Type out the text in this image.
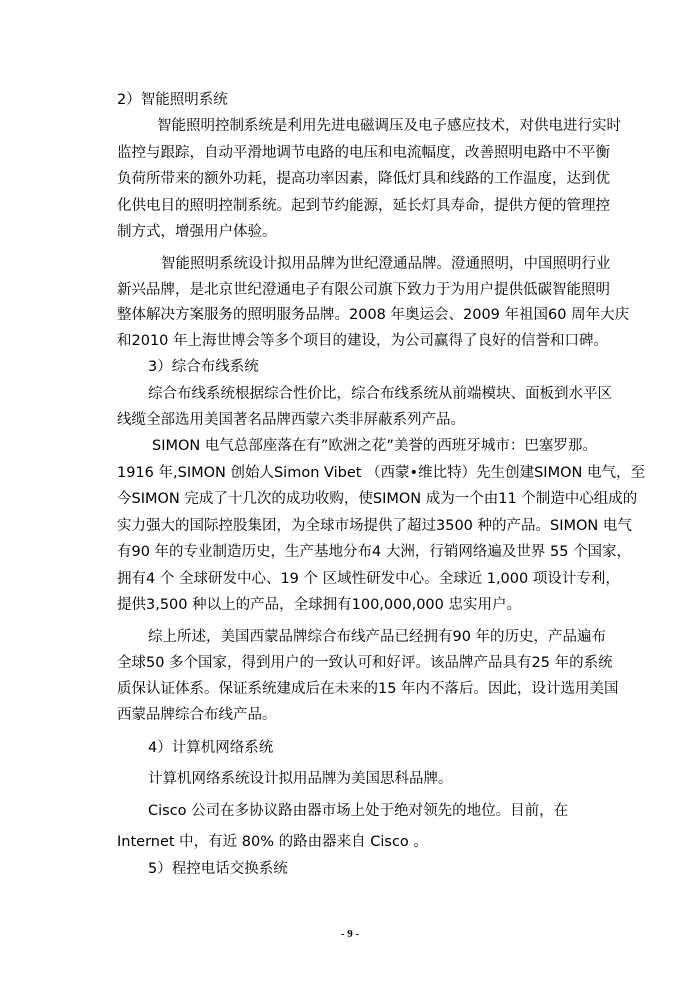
2）智能照明系统
智能照明控制系统是利用先进电磁调压及电子感应技术，对供电进行实时
监控与跟踪，自动平滑地调节电路的电压和电流幅度，改善照明电路中不平衡
负荷所带来的额外功耗，提高功率因素，降低灯具和线路的工作温度，达到优
化供电目的照明控制系统。起到节约能源，延长灯具寿命，提供方便的管理控
制方式，增强用户体验。
智能照明系统设计拟用品牌为世纪澄通品牌。澄通照明，中国照明行业
新兴品牌，是北京世纪澄通电子有限公司旗下致力于为用户提供低碳智能照明
整体解决方案服务的照明服务品牌。2008 年奥运会、2009 年祖国60 周年大庆
和2010 年上海世博会等多个项目的建设，为公司赢得了良好的信誉和口碑。
3）综合布线系统
综合布线系统根据综合性价比，综合布线系统从前端模块、面板到水平区
线缆全部选用美国著名品牌西蒙六类非屏蔽系列产品。
SIMON 电气总部座落在有”欧洲之花”美誉的西班牙城市：巴塞罗那。
1916 年,SIMON 创始人Simon Vibet （西蒙•维比特）先生创建SIMON 电气，至
今SIMON 完成了十几次的成功收购，使SIMON 成为一个由11 个制造中心组成的
实力强大的国际控股集团，为全球市场提供了超过3500 种的产品。SIMON 电气
有90 年的专业制造历史，生产基地分布4 大洲，行销网络遍及世界 55 个国家，
拥有4 个 全球研发中心、19 个 区域性研发中心。全球近 1,000 项设计专利，
提供3,500 种以上的产品，全球拥有100,000,000 忠实用户。
综上所述，美国西蒙品牌综合布线产品已经拥有90 年的历史，产品遍布
全球50 多个国家，得到用户的一致认可和好评。该品牌产品具有25 年的系统
质保认证体系。保证系统建成后在未来的15 年内不落后。因此，设计选用美国
西蒙品牌综合布线产品。
4）计算机网络系统
计算机网络系统设计拟用品牌为美国思科品牌。
Cisco 公司在多协议路由器市场上处于绝对领先的地位。目前，在
Internet 中，有近 80% 的路由器来自 Cisco 。
5）程控电话交换系统
- 9 -
